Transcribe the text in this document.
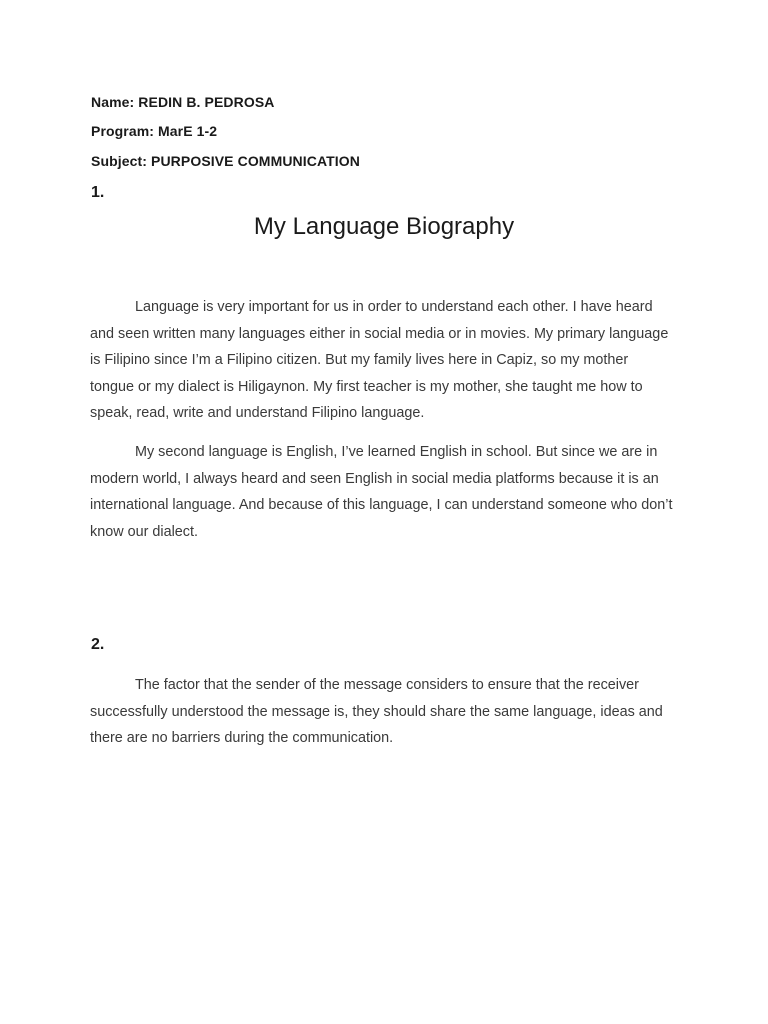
Name: REDIN B. PEDROSA
Program: MarE 1-2
Subject: PURPOSIVE COMMUNICATION
1.
My Language Biography

Language is very important for us in order to understand each other. I have heard and seen written many languages either in social media or in movies. My primary language is Filipino since I’m a Filipino citizen. But my family lives here in Capiz, so my mother tongue or my dialect is Hiligaynon. My first teacher is my mother, she taught me how to speak, read, write and understand Filipino language.

My second language is English, I’ve learned English in school. But since we are in modern world, I always heard and seen English in social media platforms because it is an international language. And because of this language, I can understand someone who don’t know our dialect.

2.

The factor that the sender of the message considers to ensure that the receiver successfully understood the message is, they should share the same language, ideas and there are no barriers during the communication.
